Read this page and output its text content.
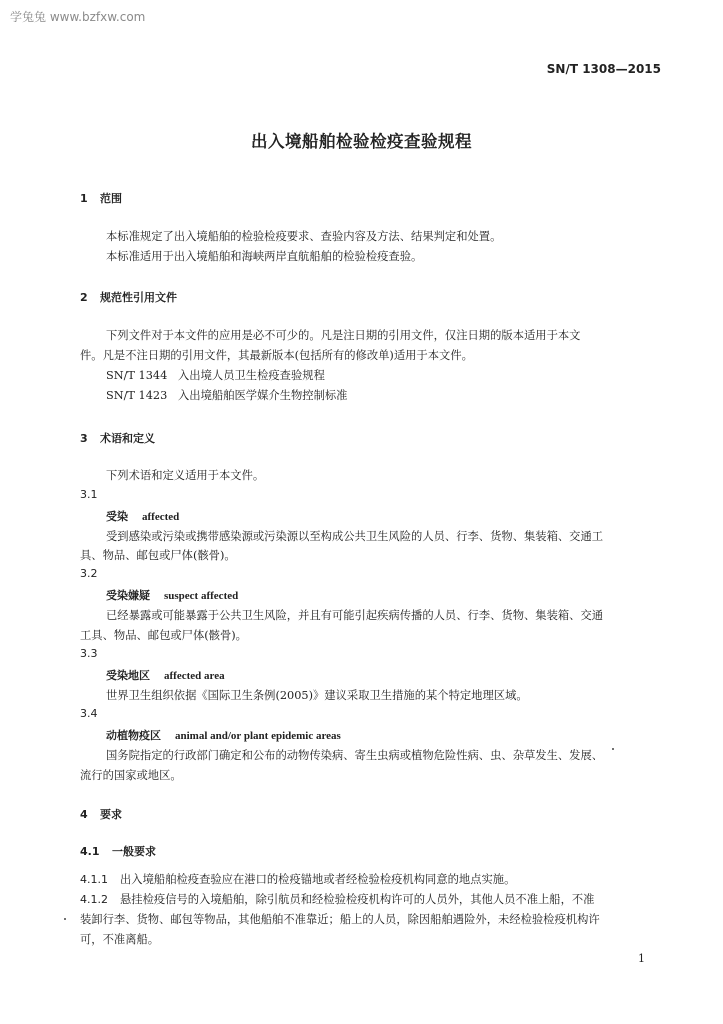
学兔兔 www.bzfxw.com
SN/T 1308—2015
出入境船舶检验检疫查验规程
1 范围
本标准规定了出入境船舶的检验检疫要求、查验内容及方法、结果判定和处置。
本标准适用于出入境船舶和海峡两岸直航船舶的检验检疫查验。
2 规范性引用文件
下列文件对于本文件的应用是必不可少的。凡是注日期的引用文件，仅注日期的版本适用于本文
件。凡是不注日期的引用文件，其最新版本(包括所有的修改单)适用于本文件。
SN/T 1344 入出境人员卫生检疫查验规程
SN/T 1423 入出境船舶医学媒介生物控制标准
3 术语和定义
下列术语和定义适用于本文件。
3.1
受染 affected
受到感染或污染或携带感染源或污染源以至构成公共卫生风险的人员、行李、货物、集装箱、交通工
具、物品、邮包或尸体(骸骨)。
3.2
受染嫌疑 suspect affected
已经暴露或可能暴露于公共卫生风险，并且有可能引起疾病传播的人员、行李、货物、集装箱、交通
工具、物品、邮包或尸体(骸骨)。
3.3
受染地区 affected area
世界卫生组织依据《国际卫生条例(2005)》建议采取卫生措施的某个特定地理区域。
3.4
动植物疫区 animal and/or plant epidemic areas
国务院指定的行政部门确定和公布的动物传染病、寄生虫病或植物危险性病、虫、杂草发生、发展、
流行的国家或地区。
4 要求
4.1 一般要求
4.1.1 出入境船舶检疫查验应在港口的检疫锚地或者经检验检疫机构同意的地点实施。
4.1.2 悬挂检疫信号的入境船舶，除引航员和经检验检疫机构许可的人员外，其他人员不准上船，不准
装卸行李、货物、邮包等物品，其他船舶不准靠近；船上的人员，除因船舶遇险外，未经检验检疫机构许
可，不准离船。
1
